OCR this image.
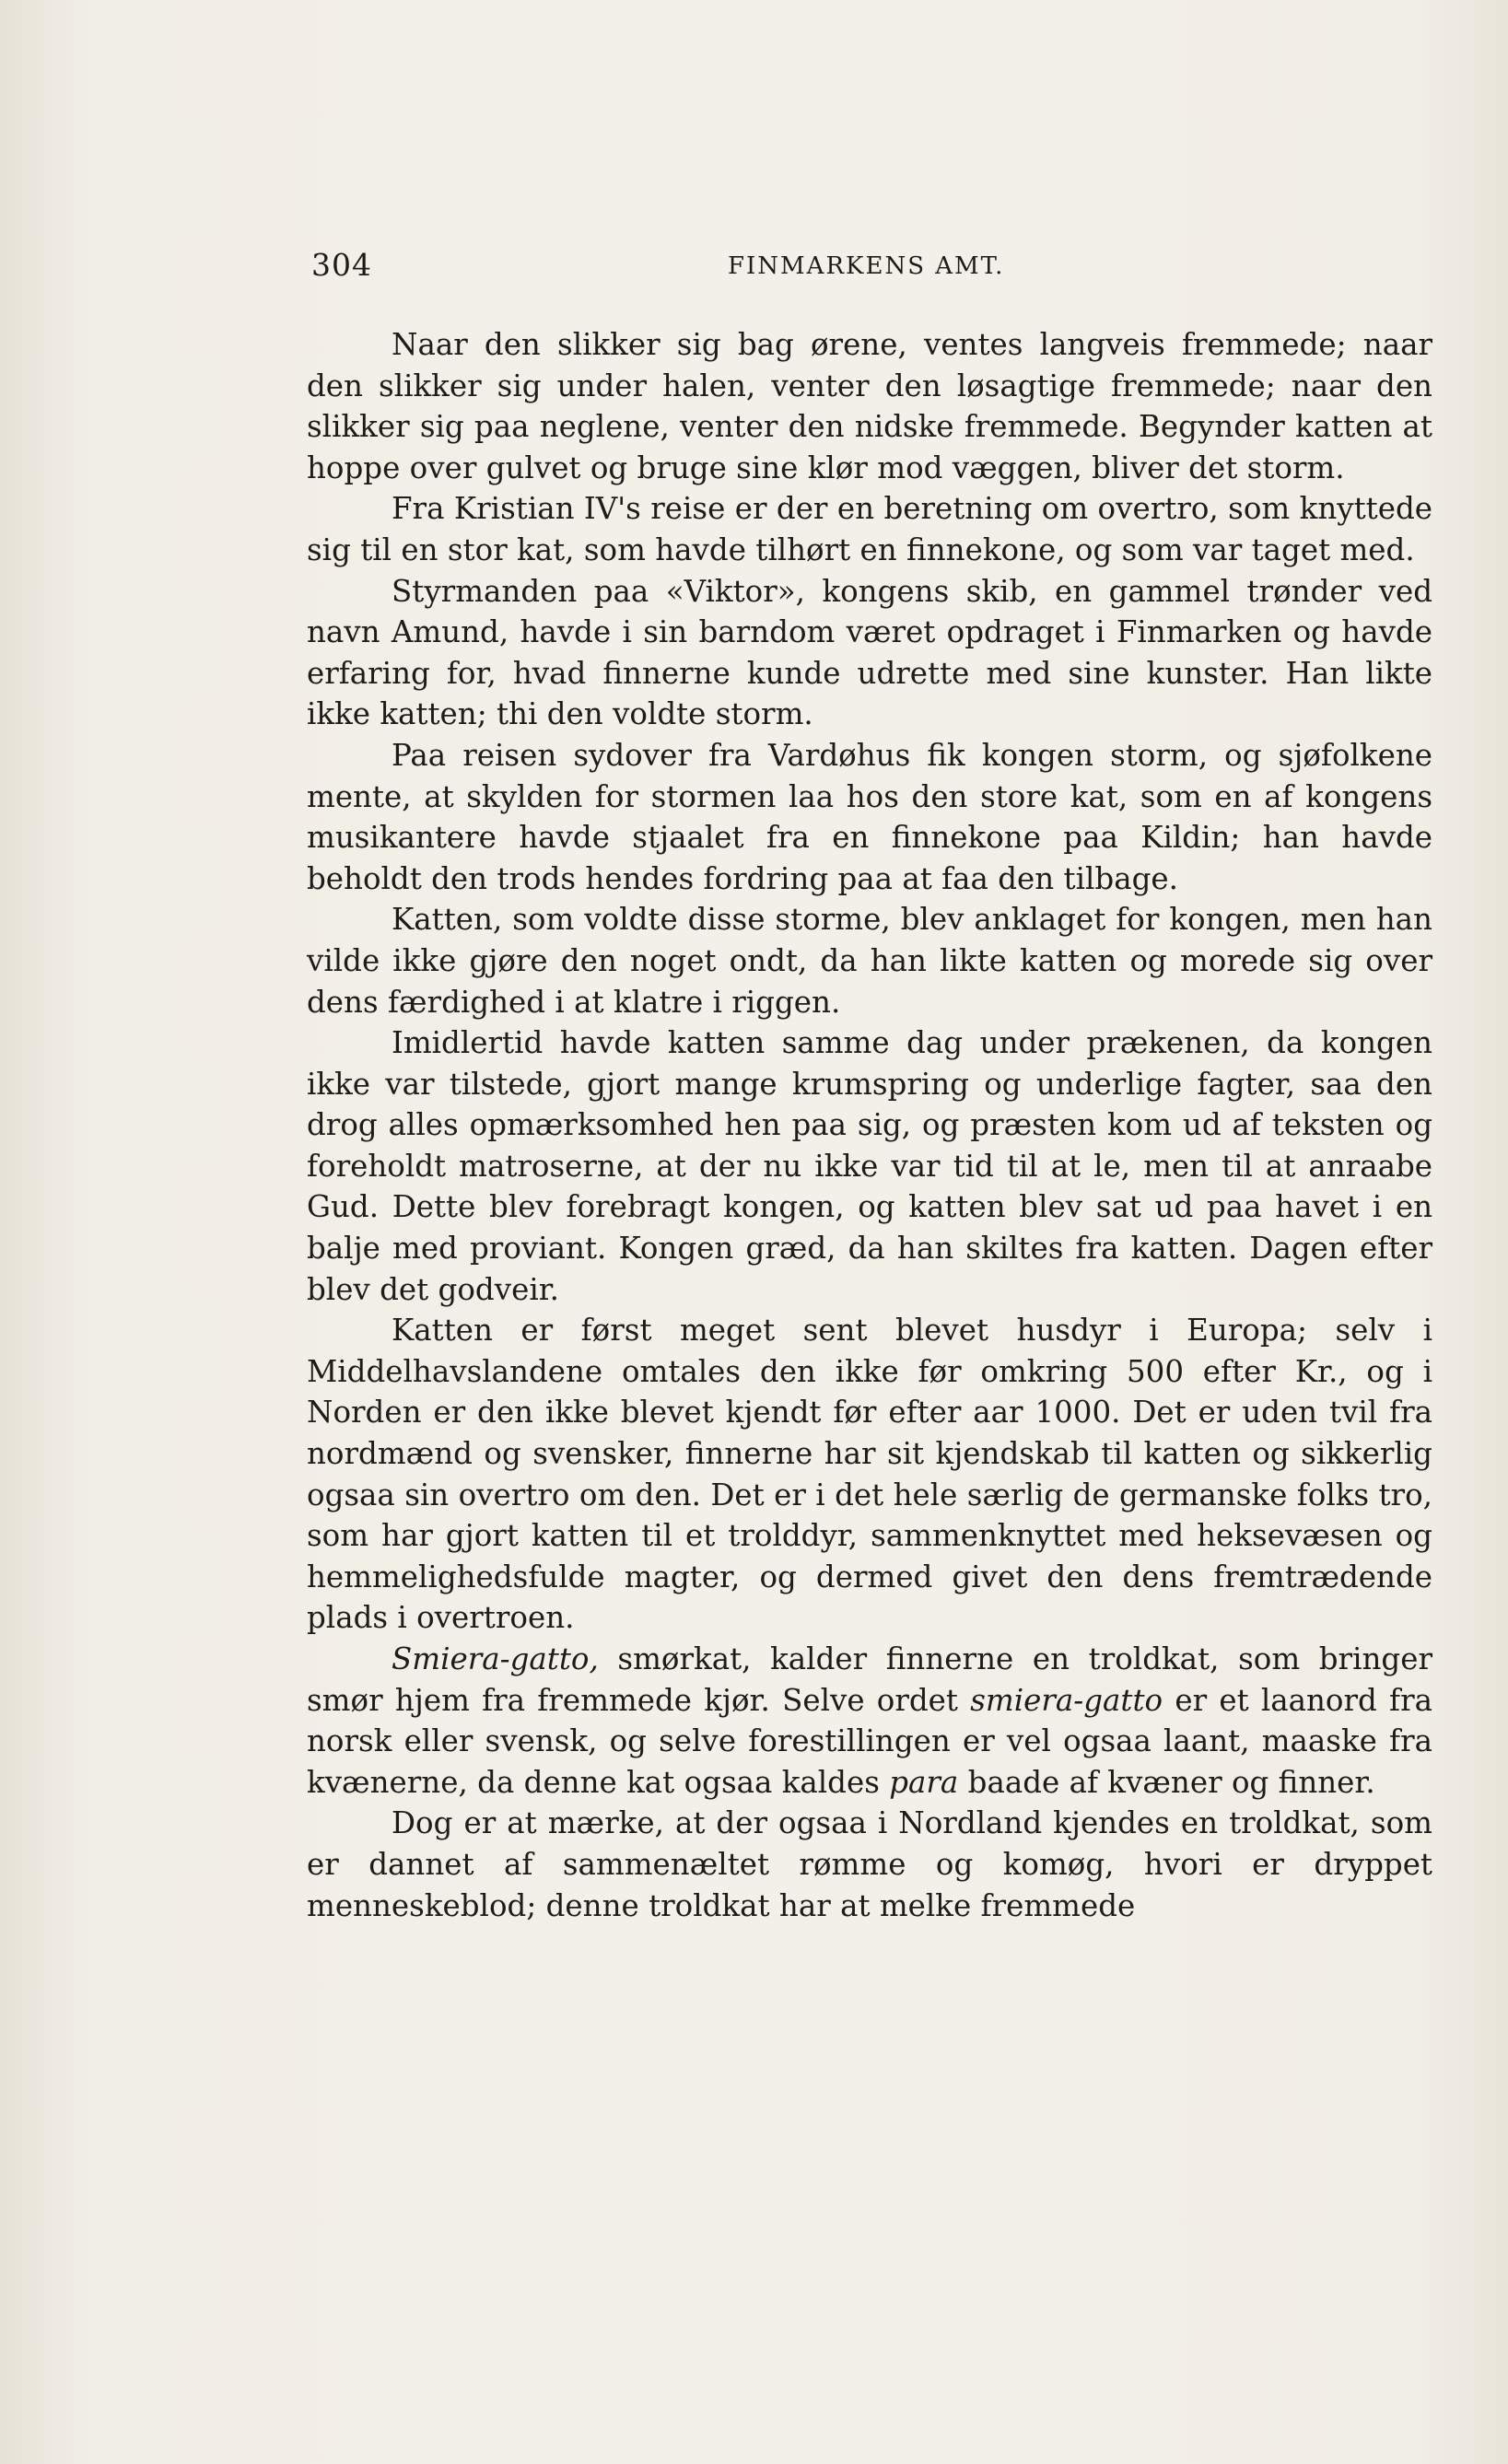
304	FINMARKENS AMT.

Naar den slikker sig bag ørene, ventes langveis fremmede; naar den slikker sig under halen, venter den løsagtige fremmede; naar den slikker sig paa neglene, venter den nidske fremmede. Begynder katten at hoppe over gulvet og bruge sine klør mod væggen, bliver det storm.

Fra Kristian IV's reise er der en beretning om overtro, som knyttede sig til en stor kat, som havde tilhørt en finnekone, og som var taget med.

Styrmanden paa «Viktor», kongens skib, en gammel trønder ved navn Amund, havde i sin barndom været opdraget i Finmarken og havde erfaring for, hvad finnerne kunde udrette med sine kunster. Han likte ikke katten; thi den voldte storm.

Paa reisen sydover fra Vardøhus fik kongen storm, og sjøfolkene mente, at skylden for stormen laa hos den store kat, som en af kongens musikantere havde stjaalet fra en finnekone paa Kildin; han havde beholdt den trods hendes fordring paa at faa den tilbage.

Katten, som voldte disse storme, blev anklaget for kongen, men han vilde ikke gjøre den noget ondt, da han likte katten og morede sig over dens færdighed i at klatre i riggen.

Imidlertid havde katten samme dag under prækenen, da kongen ikke var tilstede, gjort mange krumspring og underlige fagter, saa den drog alles opmærksomhed hen paa sig, og præsten kom ud af teksten og foreholdt matroserne, at der nu ikke var tid til at le, men til at anraabe Gud. Dette blev forebragt kongen, og katten blev sat ud paa havet i en balje med proviant. Kongen græd, da han skiltes fra katten. Dagen efter blev det godveir.

Katten er først meget sent blevet husdyr i Europa; selv i Middelhavslandene omtales den ikke før omkring 500 efter Kr., og i Norden er den ikke blevet kjendt før efter aar 1000. Det er uden tvil fra nordmænd og svensker, finnerne har sit kjendskab til katten og sikkerlig ogsaa sin overtro om den. Det er i det hele særlig de germanske folks tro, som har gjort katten til et trolddyr, sammenknyttet med heksevæsen og hemmelighedsfulde magter, og dermed givet den dens fremtrædende plads i overtroen.

Smiera-gatto, smørkat, kalder finnerne en troldkat, som bringer smør hjem fra fremmede kjør. Selve ordet smiera-gatto er et laanord fra norsk eller svensk, og selve forestillingen er vel ogsaa laant, maaske fra kvænerne, da denne kat ogsaa kaldes para baade af kvæner og finner.

Dog er at mærke, at der ogsaa i Nordland kjendes en troldkat, som er dannet af sammenæltet rømme og komøg, hvori er dryppet menneskeblod; denne troldkat har at melke fremmede
